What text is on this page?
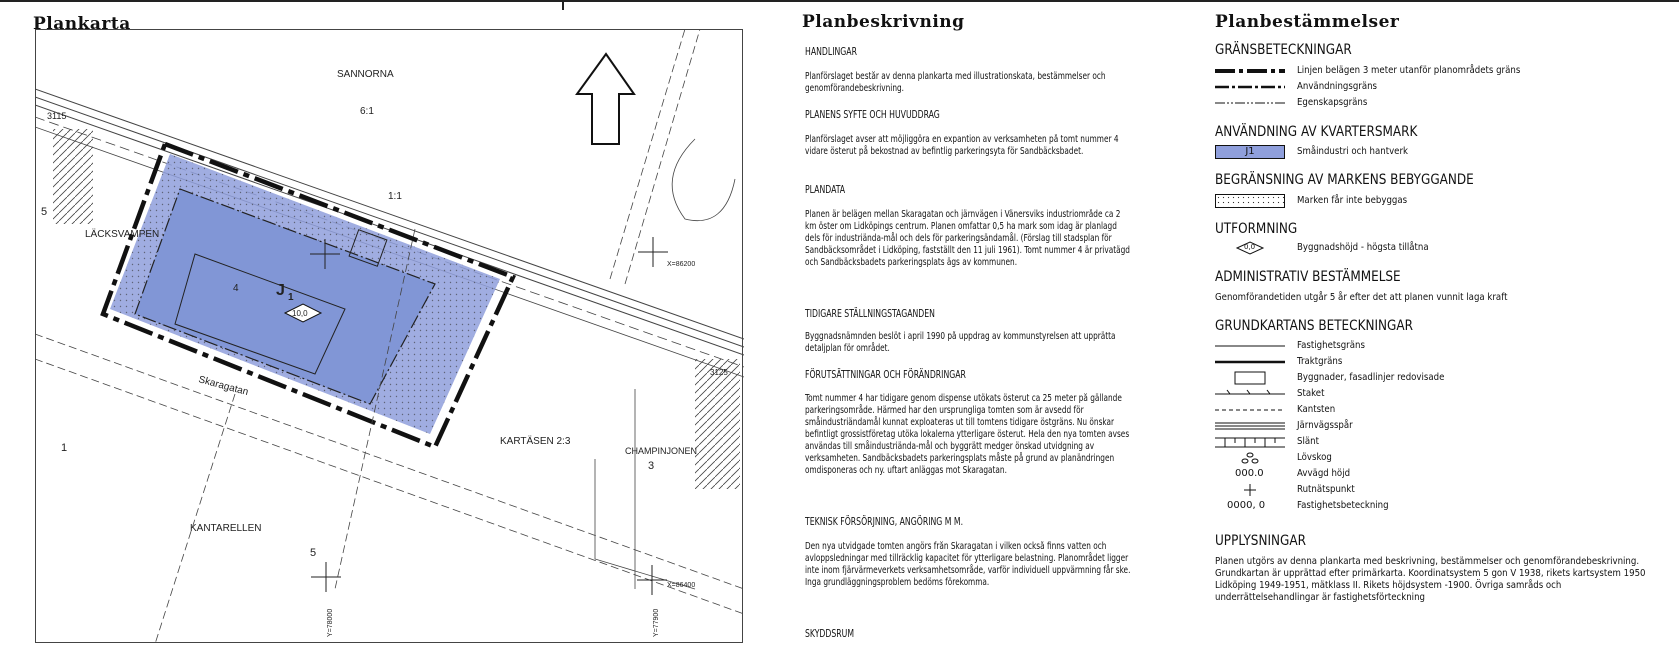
Plankarta	Planbeskrivning	Planbestämmelser
SANNORNA
6:1
3115
1:1
5
LÄCKSVAMPEN
J 1
10,0
4
Skaragatan
1
KARTÄSEN 2:3
CHAMPINJONEN
3
KANTARELLEN
5
X=86200
X=86400
3125
Y=78000	Y=77900
HANDLINGAR
Planförslaget består av denna plankarta med illustrationskata, bestämmelser och genomförandebeskrivning.
PLANENS SYFTE OCH HUVUDDRAG
Planförslaget avser att möjliggöra en expantion av verksamheten på tomt nummer 4 vidare österut på bekostnad av befintlig parkeringsyta för Sandbäcksbadet.
PLANDATA
Planen är belägen mellan Skaragatan och järnvägen i Vänersviks industriområde ca 2 km öster om Lidköpings centrum. Planen omfattar 0,5 ha mark som idag är planlagd dels för industriända-mål och dels för parkeringsändamål. (Förslag till stadsplan för Sandbäcksområdet i Lidköping, fastställt den 11 juli 1961). Tomt nummer 4 är privatägd och Sandbäcksbadets parkeringsplats ägs av kommunen.
TIDIGARE STÄLLNINGSTAGANDEN
Byggnadsnämnden beslöt i april 1990 på uppdrag av kommunstyrelsen att upprätta detaljplan för området.
FÖRUTSÄTTNINGAR OCH FÖRÄNDRINGAR
Tomt nummer 4 har tidigare genom dispense utökats österut ca 25 meter på gällande parkeringsområde. Härmed har den ursprungliga tomten som är avsedd för småindustriändamål kunnat exploateras ut till tomtens tidigare östgräns. Nu önskar befintligt grossistföretag utöka lokalerna ytterligare österut. Hela den nya tomten avses användas till småindustriända-mål och byggrätt medger önskad utvidgning av verksamheten. Sandbäcksbadets parkeringsplats måste på grund av planändringen omdisponeras och ny. uftart anläggas mot Skaragatan.
TEKNISK FÖRSÖRJNING, ANGÖRING M M.
Den nya utvidgade tomten angörs från Skaragatan i vilken också finns vatten och avloppsledningar med tillräcklig kapacitet för ytterligare belastning. Planområdet ligger inte inom fjärvärmeverkets verksamhetsområde, varför individuell uppvärmning får ske. Inga grundläggningsproblem bedöms förekomma.
SKYDDSRUM
GRÄNSBETECKNINGAR
Linjen belägen 3 meter utanför planområdets gräns
Användningsgräns
Egenskapsgräns
ANVÄNDNING AV KVARTERSMARK
J1	Småindustri och hantverk
BEGRÄNSNING AV MARKENS BEBYGGANDE
Marken får inte bebyggas
UTFORMNING
0,0	Byggnadshöjd - högsta tillåtna
ADMINISTRATIV BESTÄMMELSE
Genomförandetiden utgår 5 år efter det att planen vunnit laga kraft
GRUNDKARTANS BETECKNINGAR
Fastighetsgräns
Traktgräns
Byggnader, fasadlinjer redovisade
Staket
Kantsten
Järnvägsspår
Slänt
Lövskog
000.0	Avvägd höjd
Rutnätspunkt
0000, 0	Fastighetsbeteckning
UPPLYSNINGAR
Planen utgörs av denna plankarta med beskrivning, bestämmelser och genomförandebeskrivning. Grundkartan är upprättad efter primärkarta. Koordinatsystem 5 gon V 1938, rikets kartsystem 1950 Lidköping 1949-1951, mätklass II. Rikets höjdsystem -1900. Övriga samråds och underrättelsehandlingar är fastighetsförteckning
